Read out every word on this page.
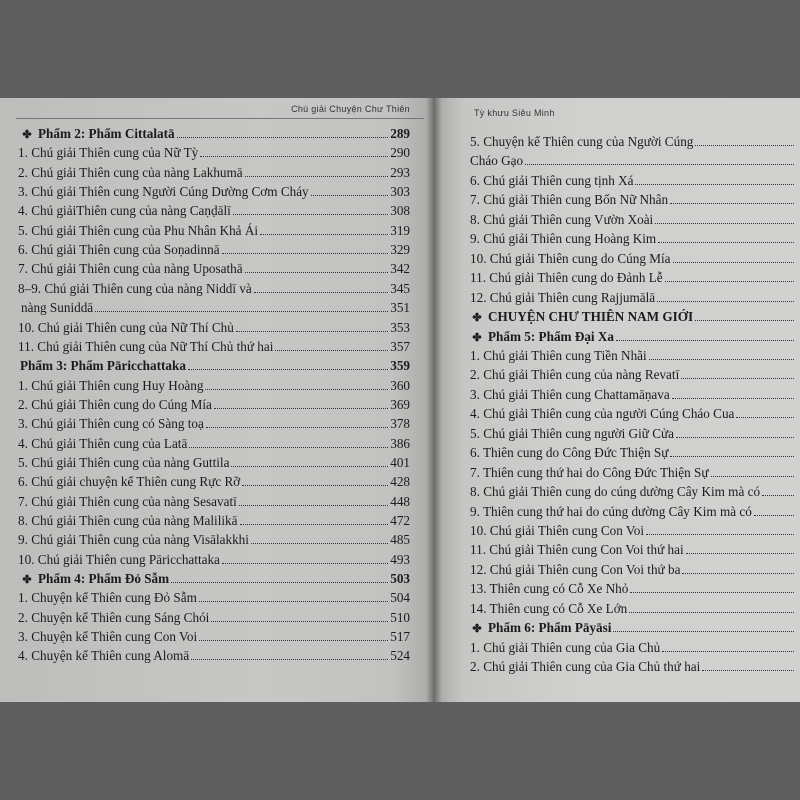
Chú giải Chuyện Chư Thiên
✤ Phẩm 2: Phẩm Cittalatā	289
1. Chú giải Thiên cung của Nữ Tỳ	290
2. Chú giải Thiên cung của nàng Lakhumā	293
3. Chú giải Thiên cung Người Cúng Dường Cơm Cháy	303
4. Chú giảiThiên cung của nàng Caṇḍālī	308
5. Chú giải Thiên cung của Phu Nhân Khả Ái	319
6. Chú giải Thiên cung của Soṇadinnā	329
7. Chú giải Thiên cung của nàng Uposathā	342
8–9. Chú giải Thiên cung của nàng Niddī và	345
nàng Suniddā	351
10. Chú giải Thiên cung của Nữ Thí Chủ	353
11. Chú giải Thiên cung của Nữ Thí Chủ thứ hai	357
Phẩm 3: Phẩm Pāricchattaka	359
1. Chú giải Thiên cung Huy Hoàng	360
2. Chú giải Thiên cung do Cúng Mía	369
3. Chú giải Thiên cung có Sàng toạ	378
4. Chú giải Thiên cung của Latā	386
5. Chú giải Thiên cung của nàng Guttila	401
6. Chú giải chuyện kể Thiên cung Rực Rỡ	428
7. Chú giải Thiên cung của nàng Sesavatī	448
8. Chú giải Thiên cung của nàng Malilikā	472
9. Chú giải Thiên cung của nàng Visālakkhi	485
10. Chú giải Thiên cung Pāricchattaka	493
✤ Phẩm 4: Phẩm Đỏ Sẫm	503
1. Chuyện kể Thiên cung Đỏ Sẫm	504
2. Chuyện kể Thiên cung Sáng Chói	510
3. Chuyện kể Thiên cung Con Voi	517
4. Chuyện kể Thiên cung Alomā	524
Tỳ khưu Siêu Minh
5. Chuyện kể Thiên cung của Người Cúng
Cháo Gạo
6. Chú giải Thiên cung tịnh Xá
7. Chú giải Thiên cung Bốn Nữ Nhân
8. Chú giải Thiên cung Vườn Xoài
9. Chú giải Thiên cung Hoàng Kim
10. Chú giải Thiên cung do Cúng Mía
11. Chú giải Thiên cung do Đảnh Lễ
12. Chú giải Thiên cung Rajjumālā
✤ CHUYỆN CHƯ THIÊN NAM GIỚI
✤ Phẩm 5: Phẩm Đại Xa
1. Chú giải Thiên cung Tiền Nhãi
2. Chú giải Thiên cung của nàng Revatī
3. Chú giải Thiên cung Chattamāṇava
4. Chú giải Thiên cung của người Cúng Cháo Cua
5. Chú giải Thiên cung người Giữ Cửa
6. Thiên cung do Công Đức Thiện Sự
7. Thiên cung thứ hai do Công Đức Thiện Sự
8. Chú giải Thiên cung do cúng dường Cây Kim mà có
9. Thiên cung thứ hai do cúng dường Cây Kim mà có
10. Chú giải Thiên cung Con Voi
11. Chú giải Thiên cung Con Voi thứ hai
12. Chú giải Thiên cung Con Voi thứ ba
13. Thiên cung có Cỗ Xe Nhỏ
14. Thiên cung có Cỗ Xe Lớn
✤ Phẩm 6: Phẩm Pāyāsi
1. Chú giải Thiên cung của Gia Chủ
2. Chú giải Thiên cung của Gia Chủ thứ hai
